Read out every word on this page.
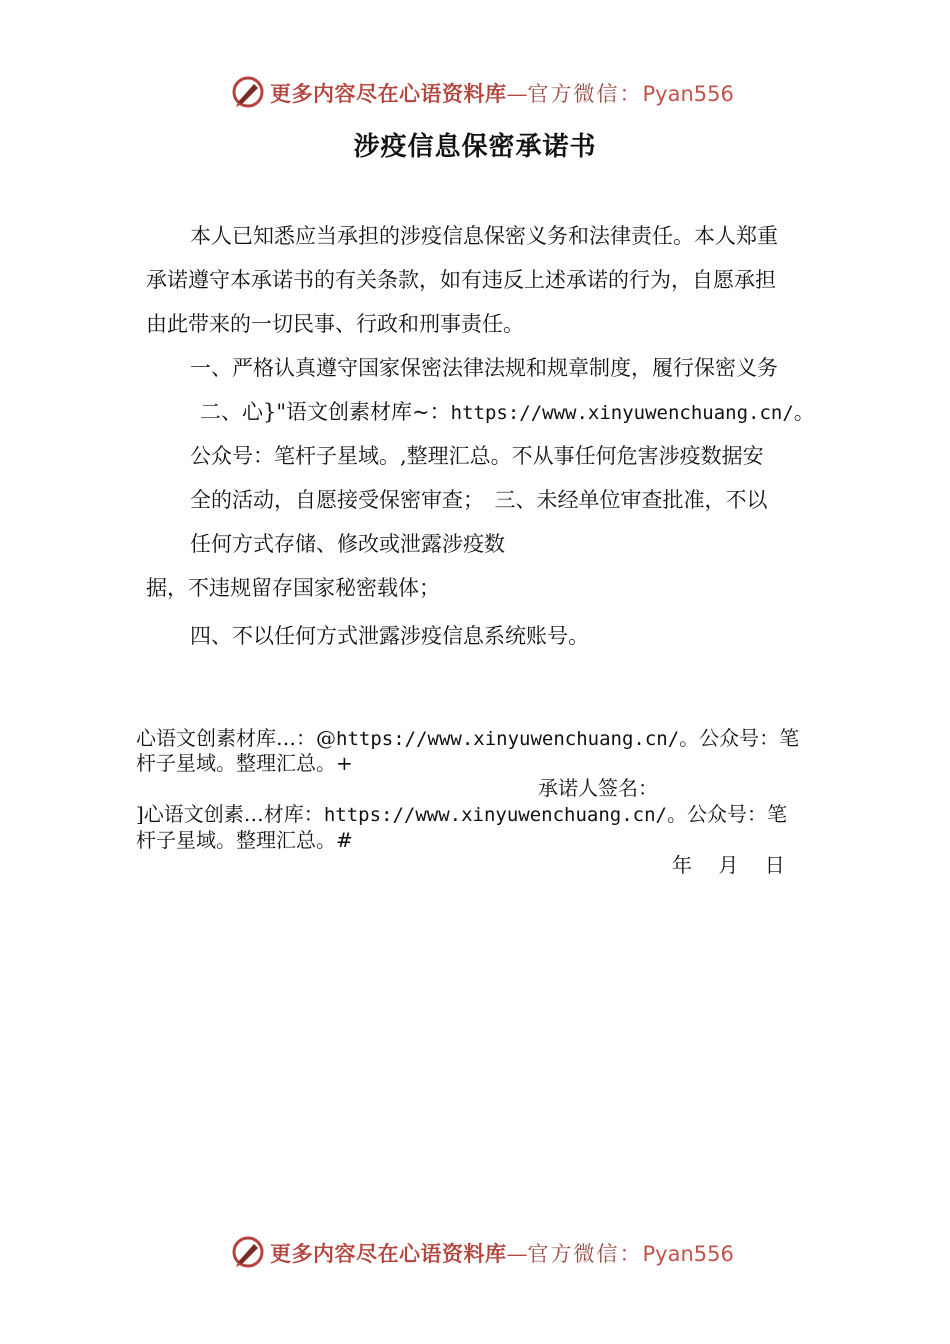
更多内容尽在心语资料库—官方微信：Pyan556
涉疫信息保密承诺书
本人已知悉应当承担的涉疫信息保密义务和法律责任。本人郑重
承诺遵守本承诺书的有关条款，如有违反上述承诺的行为，自愿承担
由此带来的一切民事、行政和刑事责任。
一、严格认真遵守国家保密法律法规和规章制度，履行保密义务
二、心}"语文创素材库~：https://www.xinyuwenchuang.cn/。
公众号：笔杆子星域。,整理汇总。不从事任何危害涉疫数据安
全的活动，自愿接受保密审查；　三、未经单位审查批准，不以
任何方式存储、修改或泄露涉疫数
据，不违规留存国家秘密载体；
四、不以任何方式泄露涉疫信息系统账号。
心语文创素材库…：@https://www.xinyuwenchuang.cn/。公众号：笔
杆子星域。整理汇总。+
承诺人签名：
]心语文创素…材库：https://www.xinyuwenchuang.cn/。公众号：笔
杆子星域。整理汇总。#
年　 月　 日
更多内容尽在心语资料库—官方微信：Pyan556
